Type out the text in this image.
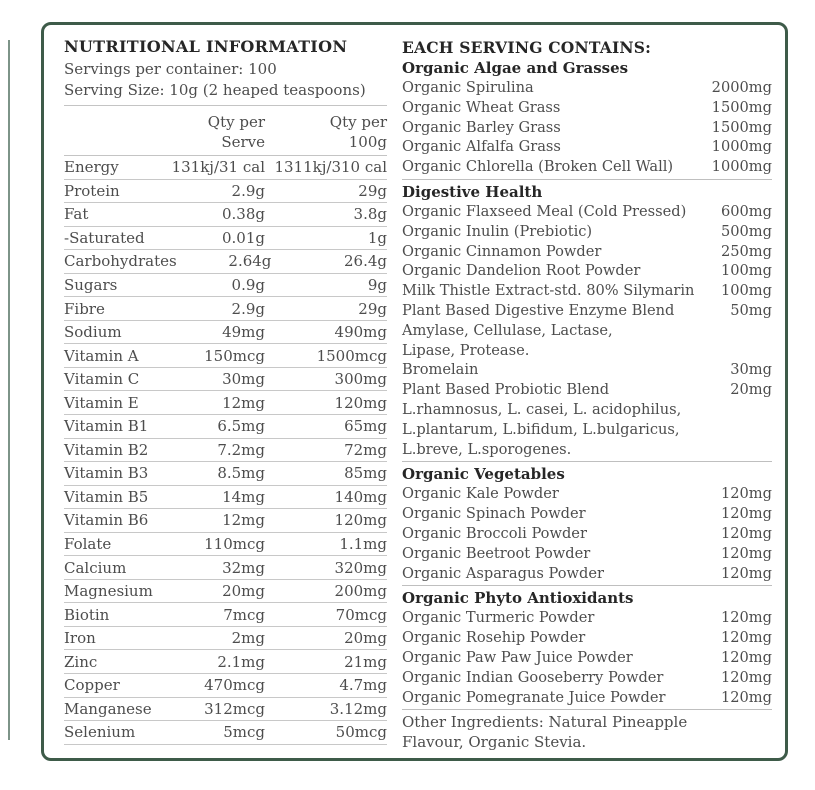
NUTRITIONAL INFORMATION
Servings per container: 100
Serving Size: 10g (2 heaped teaspoons)
Qty per
Serve
Qty per
100g
Energy	131kj/31 cal 1311kj/310 cal
Protein	2.9g	29g
Fat	0.38g	3.8g
-Saturated	0.01g	1g
Carbohydrates	2.64g	26.4g
Sugars	0.9g	9g
Fibre	2.9g	29g
Sodium	49mg	490mg
Vitamin A	150mcg	1500mcg
Vitamin C	30mg	300mg
Vitamin E	12mg	120mg
Vitamin B1	6.5mg	65mg
Vitamin B2	7.2mg	72mg
Vitamin B3	8.5mg	85mg
Vitamin B5	14mg	140mg
Vitamin B6	12mg	120mg
Folate	110mcg	1.1mg
Calcium	32mg	320mg
Magnesium	20mg	200mg
Biotin	7mcg	70mcg
Iron	2mg	20mg
Zinc	2.1mg	21mg
Copper	470mcg	4.7mg
Manganese	312mcg	3.12mg
Selenium	5mcg	50mcg
EACH SERVING CONTAINS:
Organic Algae and Grasses
Organic Spirulina	2000mg
Organic Wheat Grass	1500mg
Organic Barley Grass	1500mg
Organic Alfalfa Grass	1000mg
Organic Chlorella (Broken Cell Wall)	1000mg
Digestive Health
Organic Flaxseed Meal (Cold Pressed)	600mg
Organic Inulin (Prebiotic)	500mg
Organic Cinnamon Powder	250mg
Organic Dandelion Root Powder	100mg
Milk Thistle Extract-std. 80% Silymarin	100mg
Plant Based Digestive Enzyme Blend	50mg
Amylase, Cellulase, Lactase,
Lipase, Protease.
Bromelain	30mg
Plant Based Probiotic Blend	20mg
L.rhamnosus, L. casei, L. acidophilus,
L.plantarum, L.bifidum, L.bulgaricus,
L.breve, L.sporogenes.
Organic Vegetables
Organic Kale Powder	120mg
Organic Spinach Powder	120mg
Organic Broccoli Powder	120mg
Organic Beetroot Powder	120mg
Organic Asparagus Powder	120mg
Organic Phyto Antioxidants
Organic Turmeric Powder	120mg
Organic Rosehip Powder	120mg
Organic Paw Paw Juice Powder	120mg
Organic Indian Gooseberry Powder	120mg
Organic Pomegranate Juice Powder	120mg
Other Ingredients: Natural Pineapple Flavour, Organic Stevia.
